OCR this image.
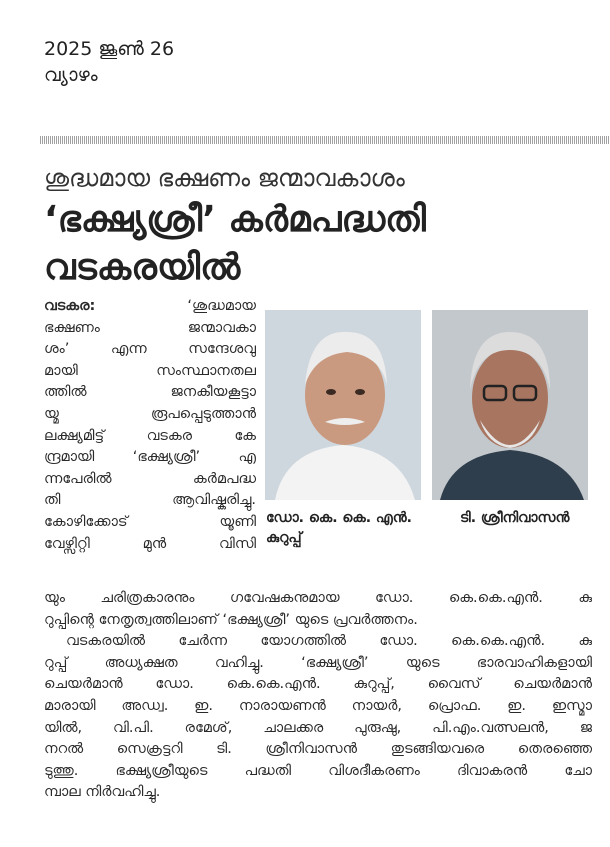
2025 ജൂൺ 26
വ്യാഴം
ശുദ്ധമായ ഭക്ഷണം ജന്മാവകാശം
‘ഭക്ഷ്യശ്രീ’ കർമപദ്ധതി
വടകരയിൽ
വടകര:	‘ശുദ്ധമായ
ഭക്ഷണം ജന്മാവകാ
ശം’ എന്ന സന്ദേശവു
മായി സംസ്ഥാനതല
ത്തിൽ ജനകീയകൂട്ടാ
യ്മ രൂപപ്പെടുത്താൻ
ലക്ഷ്യമിട്ട് വടകര കേ
ന്ദ്രമായി ‘ഭക്ഷ്യശ്രീ’ എ
ന്നപേരിൽ കർമപദ്ധ
തി ആവിഷ്കരിച്ചു.
കോഴിക്കോട് യൂണി
വേഴ്സിറ്റി മുൻ വിസി
യും ചരിത്രകാരനും ഗവേഷകനുമായ ഡോ. കെ.കെ.എൻ. കു
റുപ്പിന്റെ നേതൃത്വത്തിലാണ് ‘ഭക്ഷ്യശ്രീ’ യുടെ പ്രവർത്തനം.
വടകരയിൽ ചേർന്ന യോഗത്തിൽ ഡോ. കെ.കെ.എൻ. കു
റുപ്പ് അധ്യക്ഷത വഹിച്ചു. ‘ഭക്ഷ്യശ്രീ’ യുടെ ഭാരവാഹികളായി
ചെയർമാൻ ഡോ. കെ.കെ.എൻ. കുറുപ്പ്, വൈസ് ചെയർമാൻ
മാരായി അഡ്വ. ഇ. നാരായണൻ നായർ, പ്രൊഫ. ഇ. ഇസ്മാ
യിൽ, വി.പി. രമേശ്, ചാലക്കര പുരുഷു, പി.എം.വത്സലൻ, ജ
നറൽ സെക്രട്ടറി ടി. ശ്രീനിവാസൻ തുടങ്ങിയവരെ തെരഞ്ഞെ
ടുത്തു. ഭക്ഷ്യശ്രീയുടെ പദ്ധതി വിശദീകരണം ദിവാകരൻ ചോ
മ്പാല നിർവഹിച്ചു.
ഡോ. കെ. കെ. എൻ. കുറുപ്പ്
ടി. ശ്രീനിവാസൻ
